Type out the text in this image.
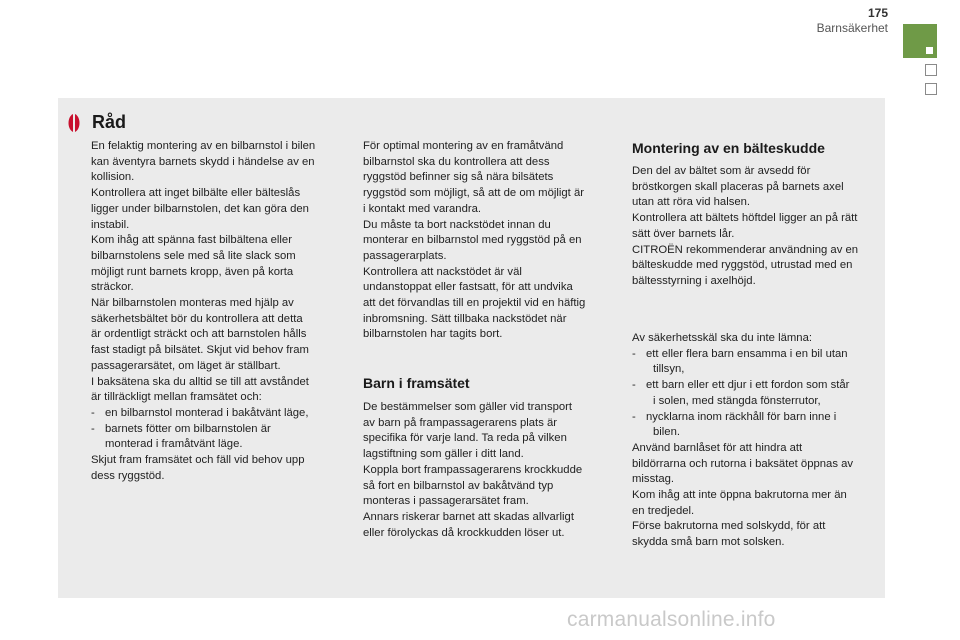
175
Barnsäkerhet
Råd

En felaktig montering av en bilbarnstol i bilen

kan äventyra barnets skydd i händelse av en

kollision.

Kontrollera att inget bilbälte eller bälteslås

ligger under bilbarnstolen, det kan göra den

instabil.

Kom ihåg att spänna fast bilbältena eller

bilbarnstolens sele med så lite slack som

möjligt runt barnets kropp, även på korta

sträckor.

När bilbarnstolen monteras med hjälp av

säkerhetsbältet bör du kontrollera att detta

är ordentligt sträckt och att barnstolen hålls

fast stadigt på bilsätet. Skjut vid behov fram

passagerarsätet, om läget är ställbart.

I baksätena ska du alltid se till att avståndet

är tillräckligt mellan framsätet och:

- en bilbarnstol monterad i bakåtvänt läge,

- barnets fötter om bilbarnstolen är

monterad i framåtvänt läge.

Skjut fram framsätet och fäll vid behov upp

dess ryggstöd.

För optimal montering av en framåtvänd

bilbarnstol ska du kontrollera att dess

ryggstöd befinner sig så nära bilsätets

ryggstöd som möjligt, så att de om möjligt är

i kontakt med varandra.

Du måste ta bort nackstödet innan du

monterar en bilbarnstol med ryggstöd på en

passagerarplats.

Kontrollera att nackstödet är väl

undanstoppat eller fastsatt, för att undvika

att det förvandlas till en projektil vid en häftig

inbromsning. Sätt tillbaka nackstödet när

bilbarnstolen har tagits bort.

Barn i framsätet

De bestämmelser som gäller vid transport

av barn på frampassagerarens plats är

specifika för varje land. Ta reda på vilken

lagstiftning som gäller i ditt land.

Koppla bort frampassagerarens krockkudde

så fort en bilbarnstol av bakåtvänd typ

monteras i passagerarsätet fram.

Annars riskerar barnet att skadas allvarligt

eller förolyckas då krockkudden löser ut.

Montering av en bälteskudde

Den del av bältet som är avsedd för

bröstkorgen skall placeras på barnets axel

utan att röra vid halsen.

Kontrollera att bältets höftdel ligger an på rätt

sätt över barnets lår.

CITROËN rekommenderar användning av en

bälteskudde med ryggstöd, utrustad med en

bältesstyrning i axelhöjd.

Av säkerhetsskäl ska du inte lämna:

- ett eller flera barn ensamma i en bil utan

tillsyn,

- ett barn eller ett djur i ett fordon som står

i solen, med stängda fönsterrutor,

- nycklarna inom räckhåll för barn inne i

bilen.

Använd barnlåset för att hindra att

bildörrarna och rutorna i baksätet öppnas av

misstag.

Kom ihåg att inte öppna bakrutorna mer än

en tredjedel.

Förse bakrutorna med solskydd, för att

skydda små barn mot solsken.

carmanualsonline.info
